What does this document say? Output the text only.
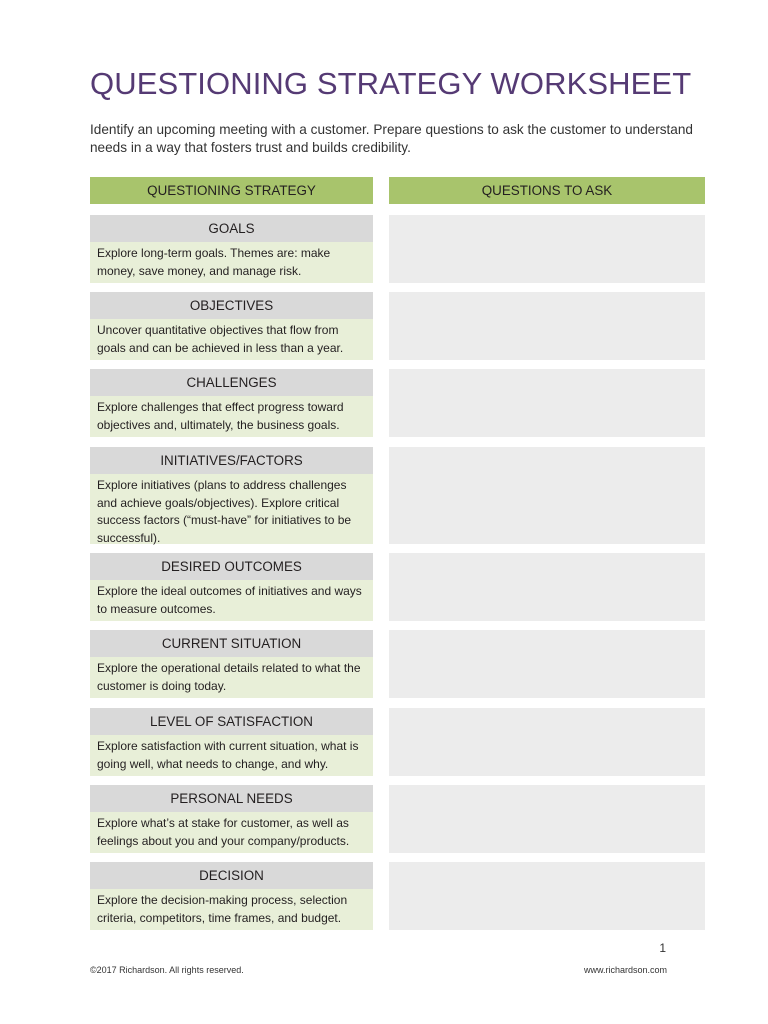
QUESTIONING STRATEGY WORKSHEET
Identify an upcoming meeting with a customer. Prepare questions to ask the customer to understand needs in a way that fosters trust and builds credibility.
QUESTIONING STRATEGY	QUESTIONS TO ASK
GOALS
Explore long-term goals. Themes are: make money, save money, and manage risk.
OBJECTIVES
Uncover quantitative objectives that flow from goals and can be achieved in less than a year.
CHALLENGES
Explore challenges that effect progress toward objectives and, ultimately, the business goals.
INITIATIVES/FACTORS
Explore initiatives (plans to address challenges and achieve goals/objectives). Explore critical success factors (“must-have” for initiatives to be successful).
DESIRED OUTCOMES
Explore the ideal outcomes of initiatives and ways to measure outcomes.
CURRENT SITUATION
Explore the operational details related to what the customer is doing today.
LEVEL OF SATISFACTION
Explore satisfaction with current situation, what is going well, what needs to change, and why.
PERSONAL NEEDS
Explore what’s at stake for customer, as well as feelings about you and your company/products.
DECISION
Explore the decision-making process, selection criteria, competitors, time frames, and budget.
1
©2017 Richardson. All rights reserved.	www.richardson.com
